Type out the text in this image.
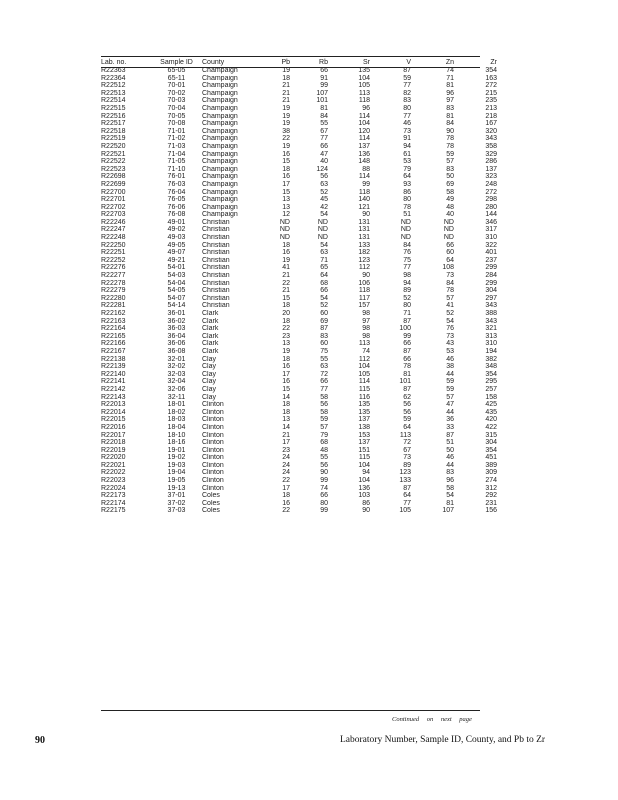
Lab. no.	Sample ID	County	Pb	Rb	Sr	V	Zn	Zr
R22363	65-05	Champaign	19	66	135	87	74	354
R22364	65-11	Champaign	18	91	104	59	71	163
R22512	70-01	Champaign	21	99	105	77	81	272
R22513	70-02	Champaign	21	107	113	82	96	215
R22514	70-03	Champaign	21	101	118	83	97	235
R22515	70-04	Champaign	19	81	96	80	83	213
R22516	70-05	Champaign	19	84	114	77	81	218
R22517	70-08	Champaign	19	55	104	46	84	167
R22518	71-01	Champaign	38	67	120	73	90	320
R22519	71-02	Champaign	22	77	114	91	78	343
R22520	71-03	Champaign	19	66	137	94	78	358
R22521	71-04	Champaign	16	47	136	61	59	329
R22522	71-05	Champaign	15	40	148	53	57	286
R22523	71-10	Champaign	18	124	88	79	83	137
R22698	76-01	Champaign	16	56	114	64	50	323
R22699	76-03	Champaign	17	63	99	93	69	248
R22700	76-04	Champaign	15	52	118	86	58	272
R22701	76-05	Champaign	13	45	140	80	49	298
R22702	76-06	Champaign	13	42	121	78	48	280
R22703	76-08	Champaign	12	54	90	51	40	144
R22246	49-01	Christian	ND	ND	131	ND	ND	346
R22247	49-02	Christian	ND	ND	131	ND	ND	317
R22248	49-03	Christian	ND	ND	131	ND	ND	310
R22250	49-05	Christian	18	54	133	84	66	322
R22251	49-07	Christian	16	63	182	76	60	401
R22252	49-21	Christian	19	71	123	75	64	237
R22276	54-01	Christian	41	65	112	77	108	299
R22277	54-03	Christian	21	64	90	98	73	284
R22278	54-04	Christian	22	68	106	94	84	299
R22279	54-05	Christian	21	66	118	89	78	304
R22280	54-07	Christian	15	54	117	52	57	297
R22281	54-14	Christian	18	52	157	80	41	343
R22162	36-01	Clark	20	60	98	71	52	388
R22163	36-02	Clark	18	69	97	87	54	343
R22164	36-03	Clark	22	87	98	100	76	321
R22165	36-04	Clark	23	83	98	99	73	313
R22166	36-06	Clark	13	60	113	66	43	310
R22167	36-08	Clark	19	75	74	87	53	194
R22138	32-01	Clay	18	55	112	66	46	382
R22139	32-02	Clay	16	63	104	78	38	348
R22140	32-03	Clay	17	72	105	81	44	354
R22141	32-04	Clay	16	66	114	101	59	295
R22142	32-06	Clay	15	77	115	87	59	257
R22143	32-11	Clay	14	58	116	62	57	158
R22013	18-01	Clinton	18	56	135	56	47	425
R22014	18-02	Clinton	18	58	135	56	44	435
R22015	18-03	Clinton	13	59	137	59	36	420
R22016	18-04	Clinton	14	57	138	64	33	422
R22017	18-10	Clinton	21	79	153	113	87	315
R22018	18-16	Clinton	17	68	137	72	51	304
R22019	19-01	Clinton	23	48	151	67	50	354
R22020	19-02	Clinton	24	55	115	73	46	451
R22021	19-03	Clinton	24	56	104	89	44	389
R22022	19-04	Clinton	24	90	94	123	83	309
R22023	19-05	Clinton	22	99	104	133	96	274
R22024	19-13	Clinton	17	74	136	87	58	312
R22173	37-01	Coles	18	66	103	64	54	292
R22174	37-02	Coles	16	80	86	77	81	231
R22175	37-03	Coles	22	99	90	105	107	156
Continued on next page
90	Laboratory Number, Sample ID, County, and Pb to Zr
